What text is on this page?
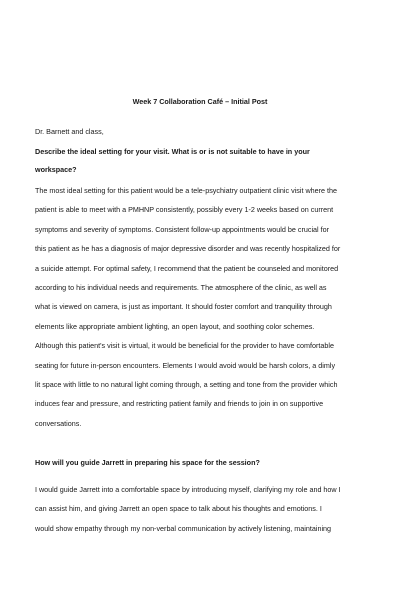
Week 7 Collaboration Café – Initial Post
Dr. Barnett and class,
Describe the ideal setting for your visit. What is or is not suitable to have in your
workspace?
The most ideal setting for this patient would be a tele-psychiatry outpatient clinic visit where the
patient is able to meet with a PMHNP consistently, possibly every 1-2 weeks based on current
symptoms and severity of symptoms. Consistent follow-up appointments would be crucial for
this patient as he has a diagnosis of major depressive disorder and was recently hospitalized for
a suicide attempt. For optimal safety, I recommend that the patient be counseled and monitored
according to his individual needs and requirements. The atmosphere of the clinic, as well as
what is viewed on camera, is just as important. It should foster comfort and tranquility through
elements like appropriate ambient lighting, an open layout, and soothing color schemes.
Although this patient's visit is virtual, it would be beneficial for the provider to have comfortable
seating for future in-person encounters. Elements I would avoid would be harsh colors, a dimly
lit space with little to no natural light coming through, a setting and tone from the provider which
induces fear and pressure, and restricting patient family and friends to join in on supportive
conversations.
How will you guide Jarrett in preparing his space for the session?
I would guide Jarrett into a comfortable space by introducing myself, clarifying my role and how I
can assist him, and giving Jarrett an open space to talk about his thoughts and emotions. I
would show empathy through my non-verbal communication by actively listening, maintaining
